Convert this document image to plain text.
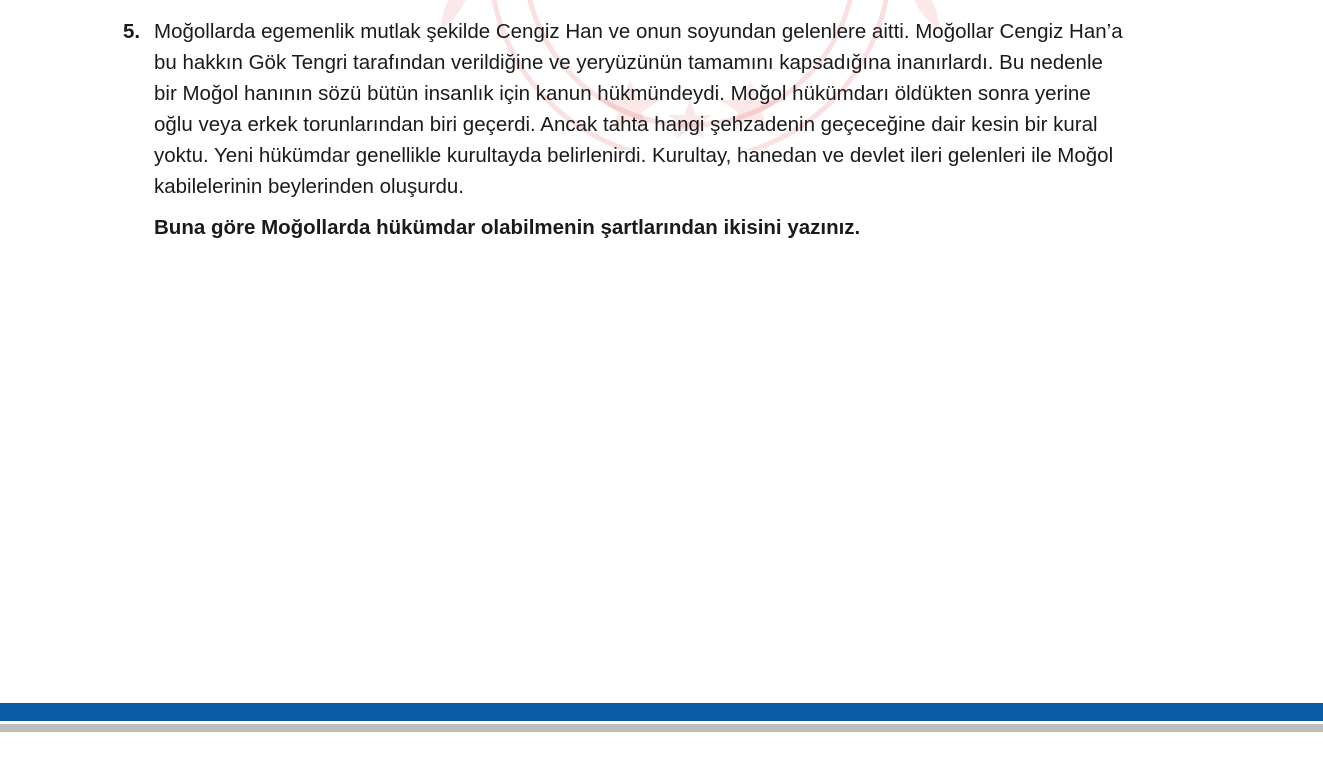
5. Moğollarda egemenlik mutlak şekilde Cengiz Han ve onun soyundan gelenlere aitti. Moğollar Cengiz Han’a
bu hakkın Gök Tengri tarafından verildiğine ve yeryüzünün tamamını kapsadığına inanırlardı. Bu nedenle
bir Moğol hanının sözü bütün insanlık için kanun hükmündeydi. Moğol hükümdarı öldükten sonra yerine
oğlu veya erkek torunlarından biri geçerdi. Ancak tahta hangi şehzadenin geçeceğine dair kesin bir kural
yoktu. Yeni hükümdar genellikle kurultayda belirlenirdi. Kurultay, hanedan ve devlet ileri gelenleri ile Moğol
kabilelerinin beylerinden oluşurdu.
Buna göre Moğollarda hükümdar olabilmenin şartlarından ikisini yazınız.
